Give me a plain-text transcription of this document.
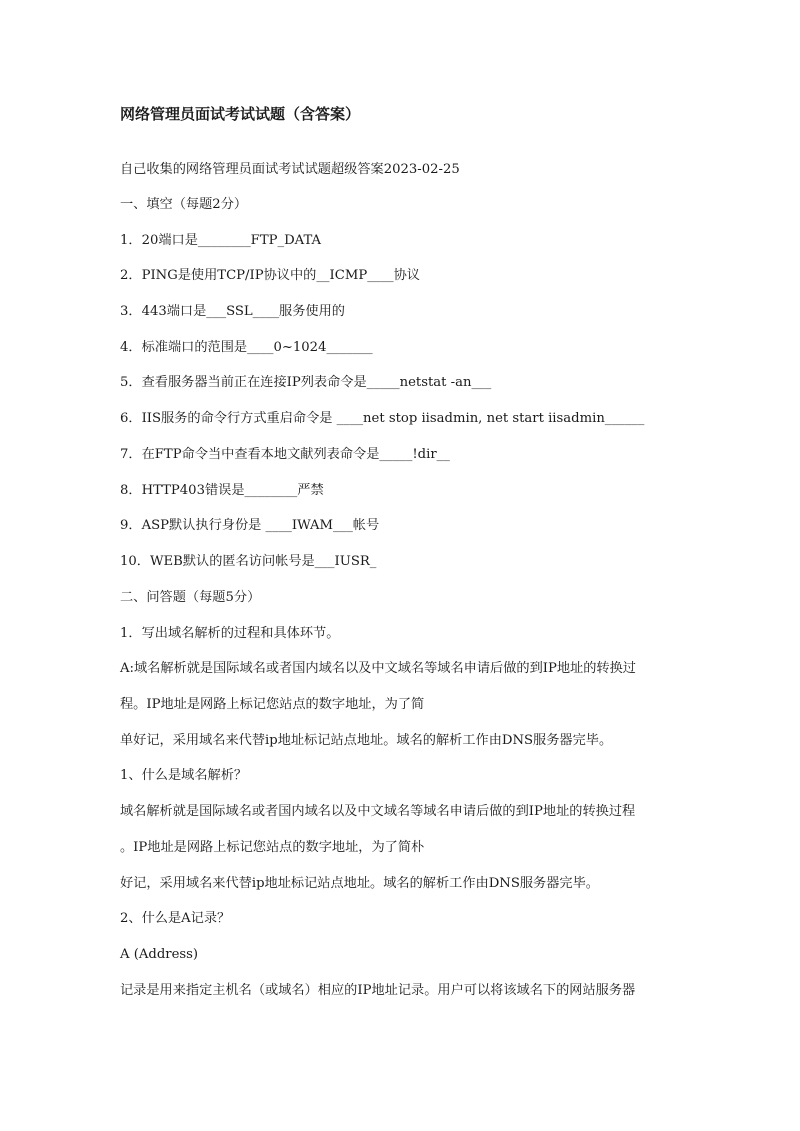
网络管理员面试考试试题（含答案）
自己收集的网络管理员面试考试试题超级答案2023-02-25
一、填空（每题2分）
1．20端口是________FTP_DATA
2．PING是使用TCP/IP协议中的__ICMP____协议
3．443端口是___SSL____服务使用的
4．标准端口的范围是____0~1024_______
5．查看服务器当前正在连接IP列表命令是_____netstat -an___
6．IIS服务的命令行方式重启命令是 ____net stop iisadmin, net start iisadmin______
7．在FTP命令当中查看本地文献列表命令是_____!dir__
8．HTTP403错误是________严禁
9．ASP默认执行身份是 ____IWAM___帐号
10．WEB默认的匿名访问帐号是___IUSR_
二、问答题（每题5分）
1．写出域名解析的过程和具体环节。
A:域名解析就是国际域名或者国内域名以及中文域名等域名申请后做的到IP地址的转换过
程。IP地址是网路上标记您站点的数字地址，为了简
单好记，采用域名来代替ip地址标记站点地址。域名的解析工作由DNS服务器完毕。
1、什么是域名解析？
域名解析就是国际域名或者国内域名以及中文域名等域名申请后做的到IP地址的转换过程
。IP地址是网路上标记您站点的数字地址，为了简朴
好记，采用域名来代替ip地址标记站点地址。域名的解析工作由DNS服务器完毕。
2、什么是A记录？
A (Address)
记录是用来指定主机名（或域名）相应的IP地址记录。用户可以将该域名下的网站服务器
